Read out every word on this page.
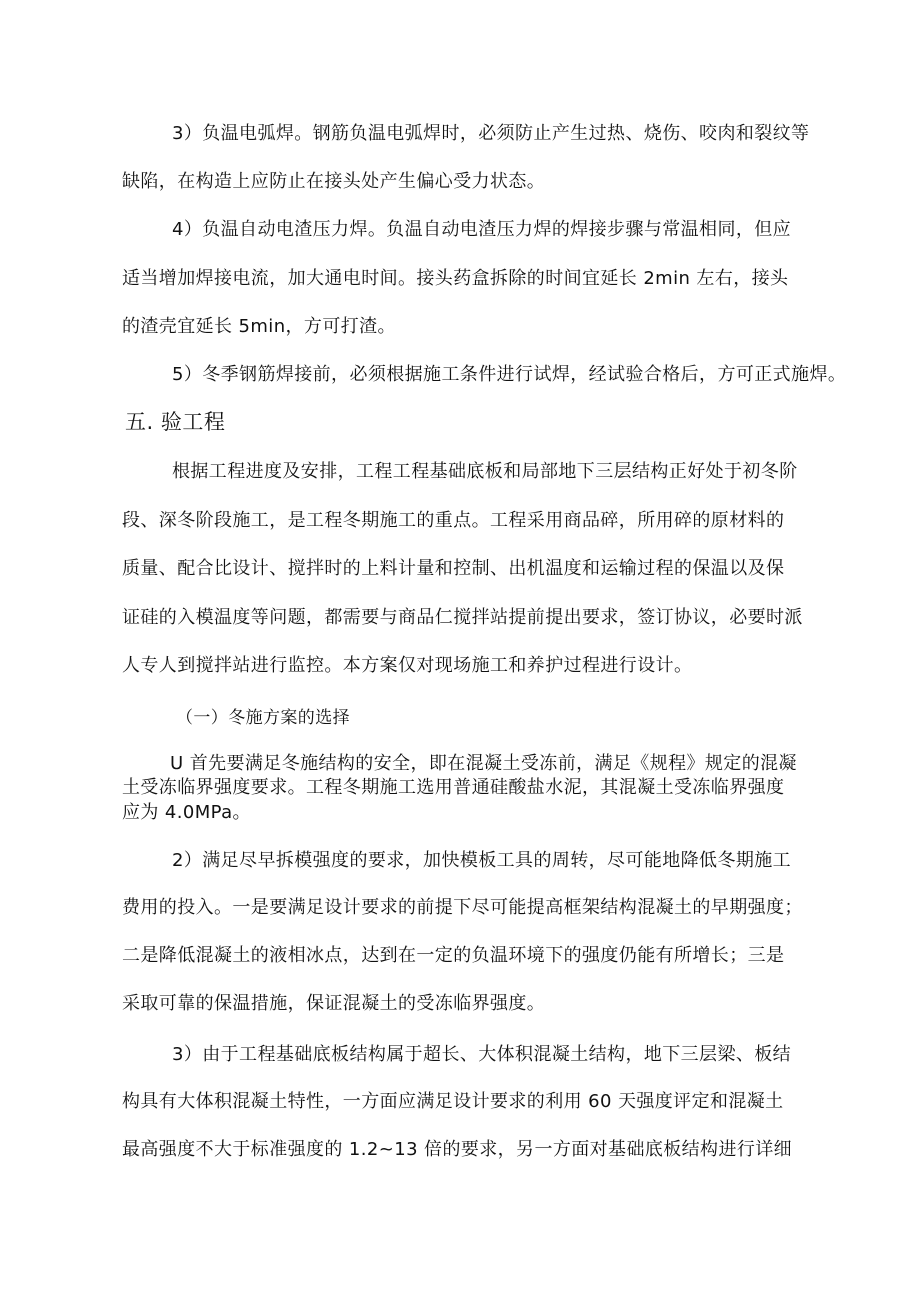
3）负温电弧焊。钢筋负温电弧焊时，必须防止产生过热、烧伤、咬肉和裂纹等
缺陷，在构造上应防止在接头处产生偏心受力状态。
4）负温自动电渣压力焊。负温自动电渣压力焊的焊接步骤与常温相同，但应
适当增加焊接电流，加大通电时间。接头药盒拆除的时间宜延长 2min 左右，接头
的渣壳宜延长 5min，方可打渣。
5）冬季钢筋焊接前，必须根据施工条件进行试焊，经试验合格后，方可正式施焊。
五. 验工程
根据工程进度及安排，工程工程基础底板和局部地下三层结构正好处于初冬阶
段、深冬阶段施工，是工程冬期施工的重点。工程采用商品碎，所用碎的原材料的
质量、配合比设计、搅拌时的上料计量和控制、出机温度和运输过程的保温以及保
证硅的入模温度等问题，都需要与商品仁搅拌站提前提出要求，签订协议，必要时派
人专人到搅拌站进行监控。本方案仅对现场施工和养护过程进行设计。
（一）冬施方案的选择
U 首先要满足冬施结构的安全，即在混凝土受冻前，满足《规程》规定的混凝
土受冻临界强度要求。工程冬期施工选用普通硅酸盐水泥，其混凝土受冻临界强度
应为 4.0MPa。
2）满足尽早拆模强度的要求，加快模板工具的周转，尽可能地降低冬期施工
费用的投入。一是要满足设计要求的前提下尽可能提高框架结构混凝土的早期强度；
二是降低混凝土的液相冰点，达到在一定的负温环境下的强度仍能有所增长；三是
采取可靠的保温措施，保证混凝土的受冻临界强度。
3）由于工程基础底板结构属于超长、大体积混凝土结构，地下三层梁、板结
构具有大体积混凝土特性，一方面应满足设计要求的利用 60 天强度评定和混凝土
最高强度不大于标准强度的 1.2~13 倍的要求，另一方面对基础底板结构进行详细
